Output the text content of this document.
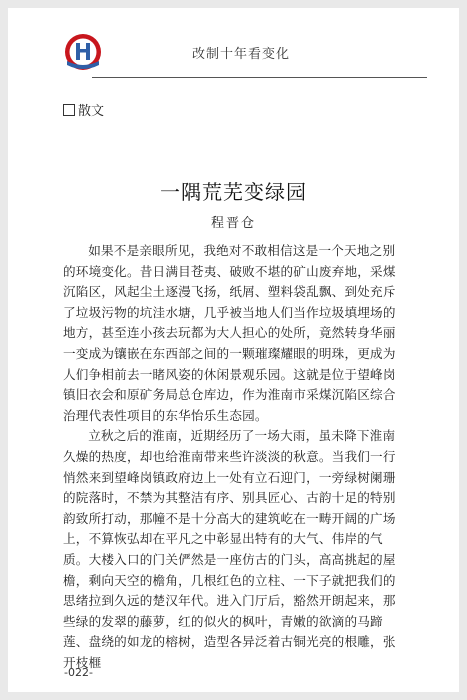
改制十年看变化
散文
一隅荒芜变绿园
程晋仓

如果不是亲眼所见，我绝对不敢相信这是一个天地之别的环境变化。昔日满目苍夷、破败不堪的矿山废弃地，采煤沉陷区，风起尘土逐漫飞扬，纸屑、塑料袋乱飘、到处充斥了垃圾污物的坑洼水塘，几乎被当地人们当作垃圾填埋场的地方，甚至连小孩去玩都为大人担心的处所，竟然转身华丽一变成为镶嵌在东西部之间的一颗璀璨耀眼的明珠，更成为人们争相前去一睹风姿的休闲景观乐园。这就是位于望峰岗镇旧衣会和原矿务局总仓库边，作为淮南市采煤沉陷区综合治理代表性项目的东华怡乐生态园。

立秋之后的淮南，近期经历了一场大雨，虽未降下淮南久燥的热度，却也给淮南带来些许淡淡的秋意。当我们一行悄然来到望峰岗镇政府边上一处有立石迎门，一旁绿树阑珊的院落时，不禁为其整洁有序、别具匠心、古韵十足的特别韵致所打动，那幢不是十分高大的建筑屹在一畴开阔的广场上，不算恢弘却在平凡之中彰显出特有的大气、伟岸的气质。大楼入口的门关俨然是一座仿古的门头，高高挑起的屋檐，剩向天空的檐角，几根红色的立柱、一下子就把我们的思绪拉到久远的楚汉年代。进入门厅后，豁然开朗起来，那些绿的发翠的藤萝，红的似火的枫叶，青嫩的欲滴的马蹄莲、盘绕的如龙的榕树，造型各异泛着古铜光亮的根雕，张开枝榧

-022-
